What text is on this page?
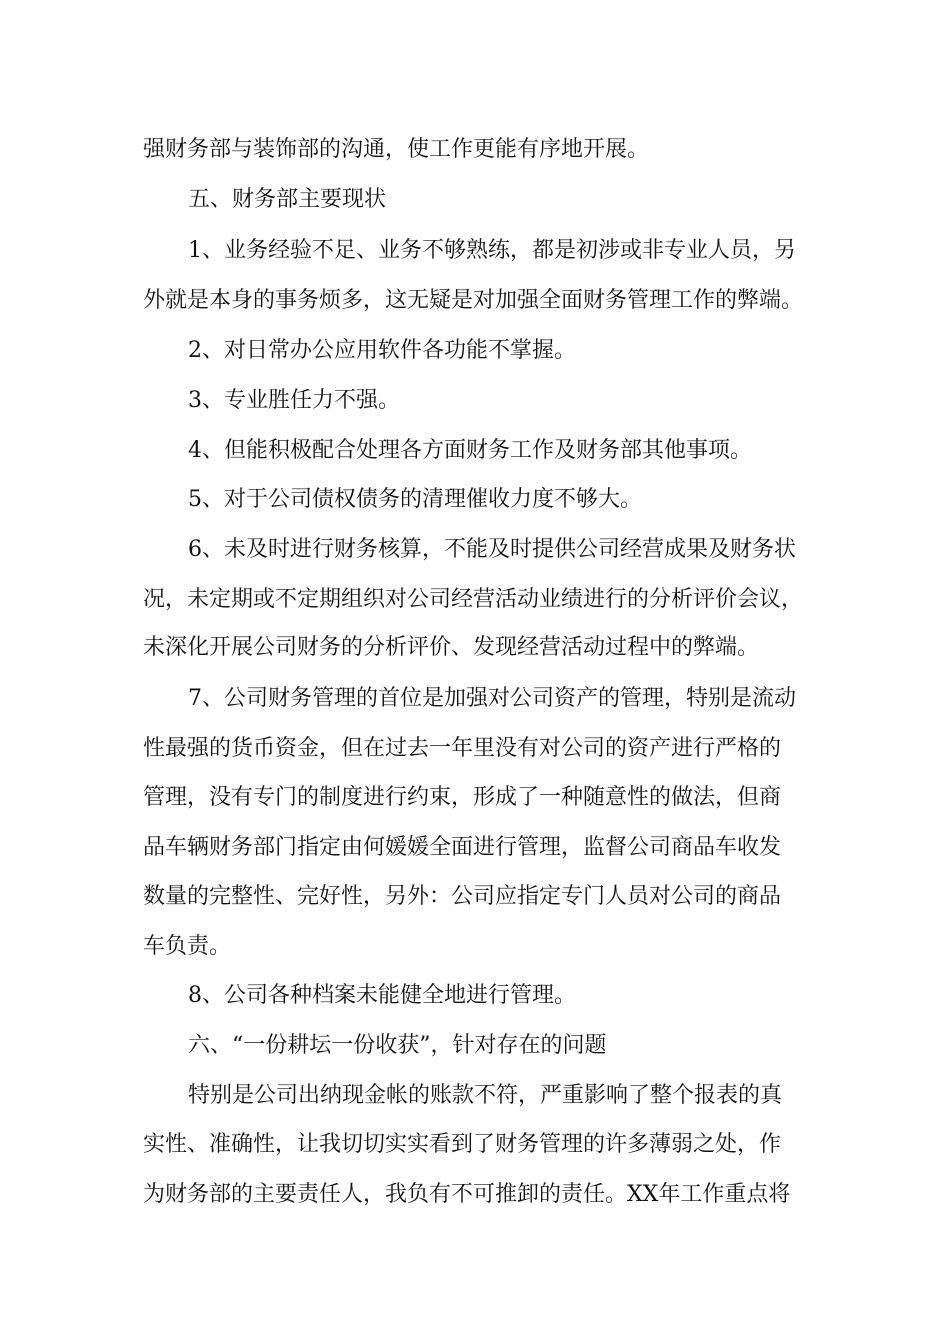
强财务部与装饰部的沟通，使工作更能有序地开展。
五、财务部主要现状
1、业务经验不足、业务不够熟练，都是初涉或非专业人员，另
外就是本身的事务烦多，这无疑是对加强全面财务管理工作的弊端。
2、对日常办公应用软件各功能不掌握。
3、专业胜任力不强。
4、但能积极配合处理各方面财务工作及财务部其他事项。
5、对于公司债权债务的清理催收力度不够大。
6、未及时进行财务核算，不能及时提供公司经营成果及财务状
况，未定期或不定期组织对公司经营活动业绩进行的分析评价会议，
未深化开展公司财务的分析评价、发现经营活动过程中的弊端。
7、公司财务管理的首位是加强对公司资产的管理，特别是流动
性最强的货币资金，但在过去一年里没有对公司的资产进行严格的
管理，没有专门的制度进行约束，形成了一种随意性的做法，但商
品车辆财务部门指定由何媛媛全面进行管理，监督公司商品车收发
数量的完整性、完好性，另外：公司应指定专门人员对公司的商品
车负责。
8、公司各种档案未能健全地进行管理。
六、“一份耕坛一份收获”，针对存在的问题
特别是公司出纳现金帐的账款不符，严重影响了整个报表的真
实性、准确性，让我切切实实看到了财务管理的许多薄弱之处，作
为财务部的主要责任人，我负有不可推卸的责任。XX年工作重点将
